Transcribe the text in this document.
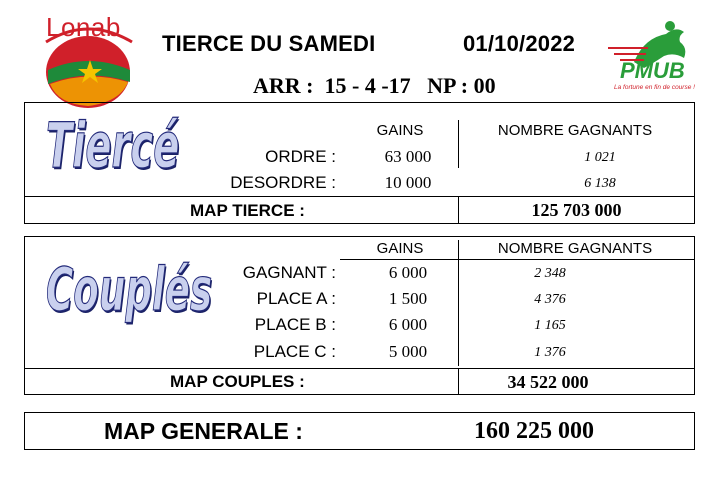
Lonab
TIERCE DU SAMEDI	01/10/2022
ARR :  15 - 4 -17   NP : 00
PMUB
La fortune en fin de course !
Tiercé	GAINS	NOMBRE GAGNANTS
ORDRE :	63 000	1 021
DESORDRE :	10 000	6 138
MAP TIERCE :	125 703 000
Couplés
GAINS	NOMBRE GAGNANTS
GAGNANT :	6 000	2 348
PLACE A :	1 500	4 376
PLACE B :	6 000	1 165
PLACE C :	5 000	1 376
MAP COUPLES :	34 522 000
MAP GENERALE :	160 225 000
